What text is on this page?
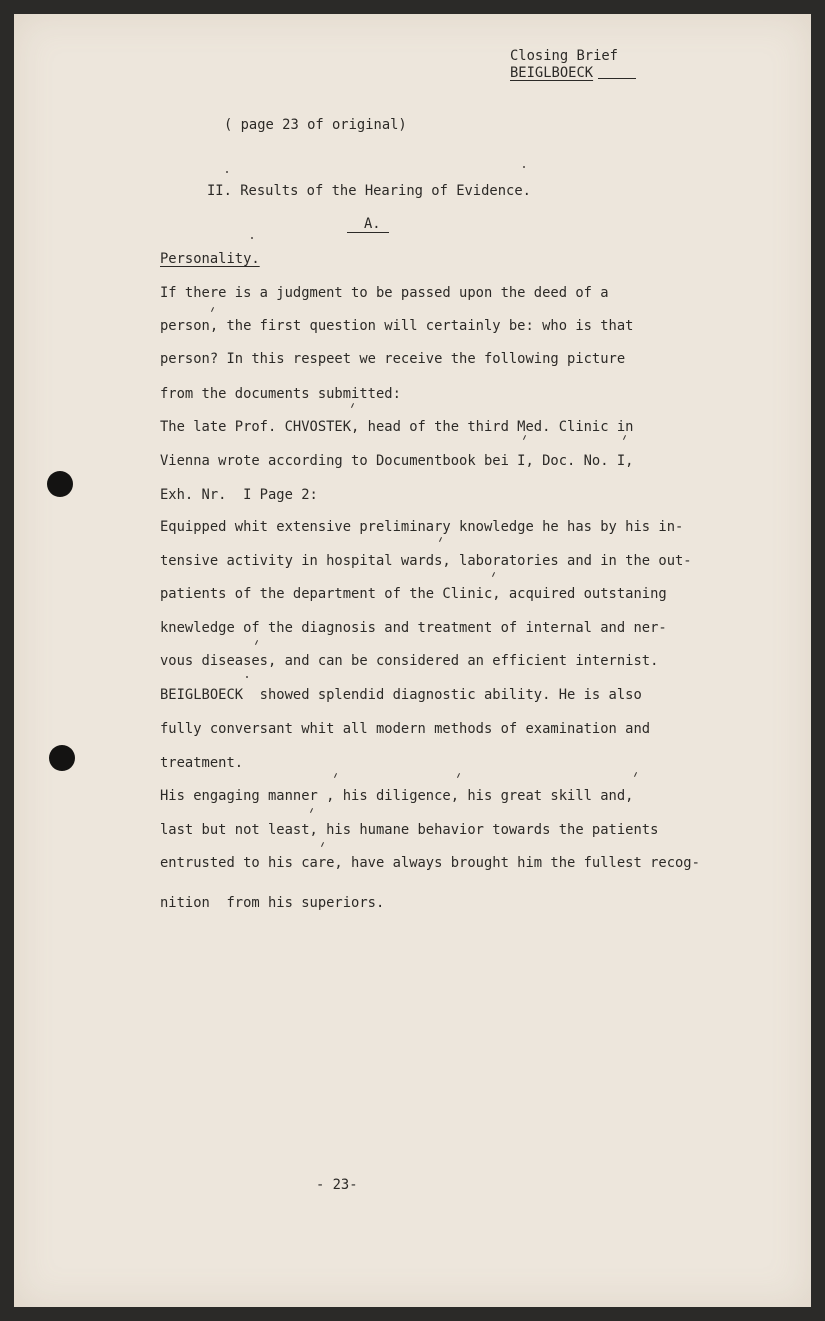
Closing Brief
BEIGLBOECK
( page 23 of original)
II. Results of the Hearing of Evidence.
A.
Personality.
If there is a judgment to be passed upon the deed of a
person, the first question will certainly be: who is that
person? In this respeet we receive the following picture
from the documents submitted:
The late Prof. CHVOSTEK, head of the third Med. Clinic in
Vienna wrote according to Documentbook bei I, Doc. No. I,
Exh. Nr.  I Page 2:
Equipped whit extensive preliminary knowledge he has by his in-
tensive activity in hospital wards, laboratories and in the out-
patients of the department of the Clinic, acquired outstaning
knewledge of the diagnosis and treatment of internal and ner-
vous diseases, and can be considered an efficient internist.
BEIGLBOECK  showed splendid diagnostic ability. He is also
fully conversant whit all modern methods of examination and
treatment.
His engaging manner , his diligence, his great skill and,
last but not least, his humane behavior towards the patients
entrusted to his care, have always brought him the fullest recog-
nition  from his superiors.
- 23-
